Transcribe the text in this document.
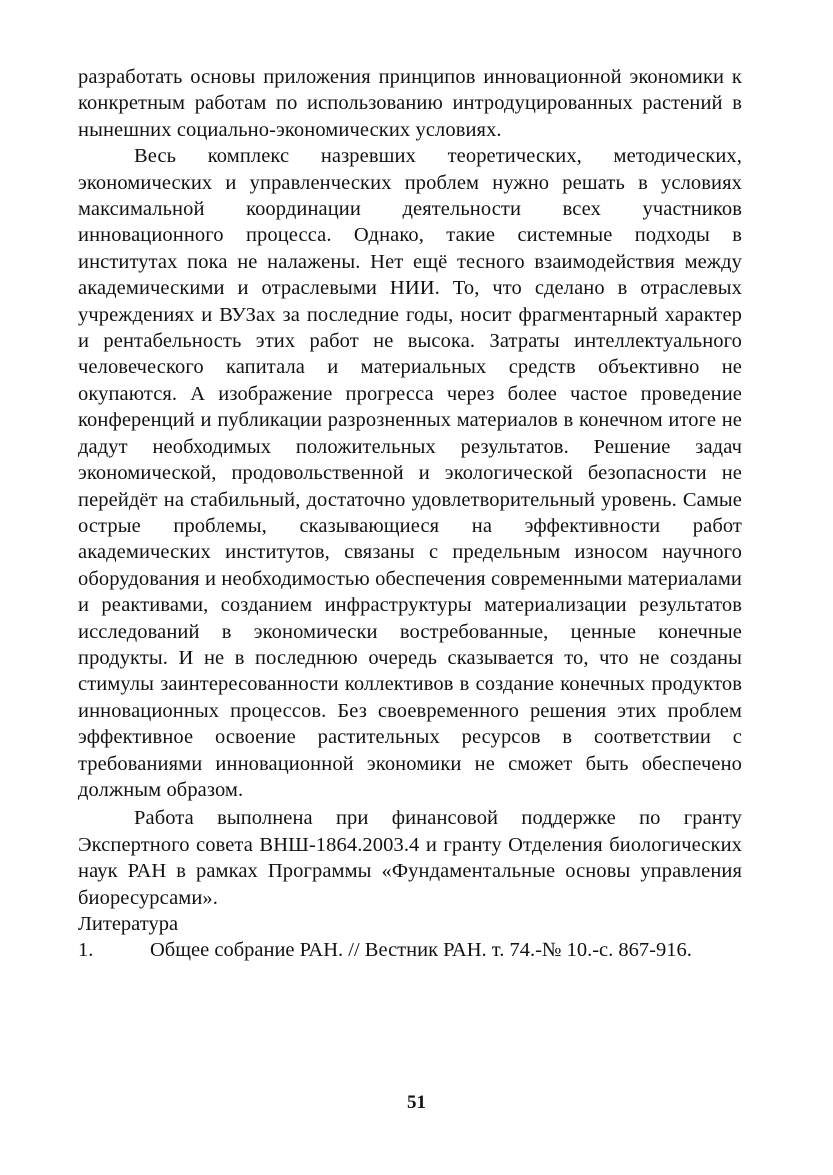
разработать основы приложения принципов инновационной экономики к конкретным работам по использованию интродуцированных растений в нынешних социально-экономических условиях.

Весь комплекс назревших теоретических, методических, экономических и управленческих проблем нужно решать в условиях максимальной координации деятельности всех участников инновационного процесса. Однако, такие системные подходы в институтах пока не налажены. Нет ещё тесного взаимодействия между академическими и отраслевыми НИИ. То, что сделано в отраслевых учреждениях и ВУЗах за последние годы, носит фрагментарный характер и рентабельность этих работ не высока. Затраты интеллектуального человеческого капитала и материальных средств объективно не окупаются. А изображение прогресса через более частое проведение конференций и публикации разрозненных материалов в конечном итоге не дадут необходимых положительных результатов. Решение задач экономической, продовольственной и экологической безопасности не перейдёт на стабильный, достаточно удовлетворительный уровень. Самые острые проблемы, сказывающиеся на эффективности работ академических институтов, связаны с предельным износом научного оборудования и необходимостью обеспечения современными материалами и реактивами, созданием инфраструктуры материализации результатов исследований в экономически востребованные, ценные конечные продукты. И не в последнюю очередь сказывается то, что не созданы стимулы заинтересованности коллективов в создание конечных продуктов инновационных процессов. Без своевременного решения этих проблем эффективное освоение растительных ресурсов в соответствии с требованиями инновационной экономики не сможет быть обеспечено должным образом.

Работа выполнена при финансовой поддержке по гранту Экспертного совета ВНШ-1864.2003.4 и гранту Отделения биологических наук РАН в рамках Программы «Фундаментальные основы управления биоресурсами».

Литература

1.	Общее собрание РАН. // Вестник РАН. т. 74.-№ 10.-с. 867-916.

51
